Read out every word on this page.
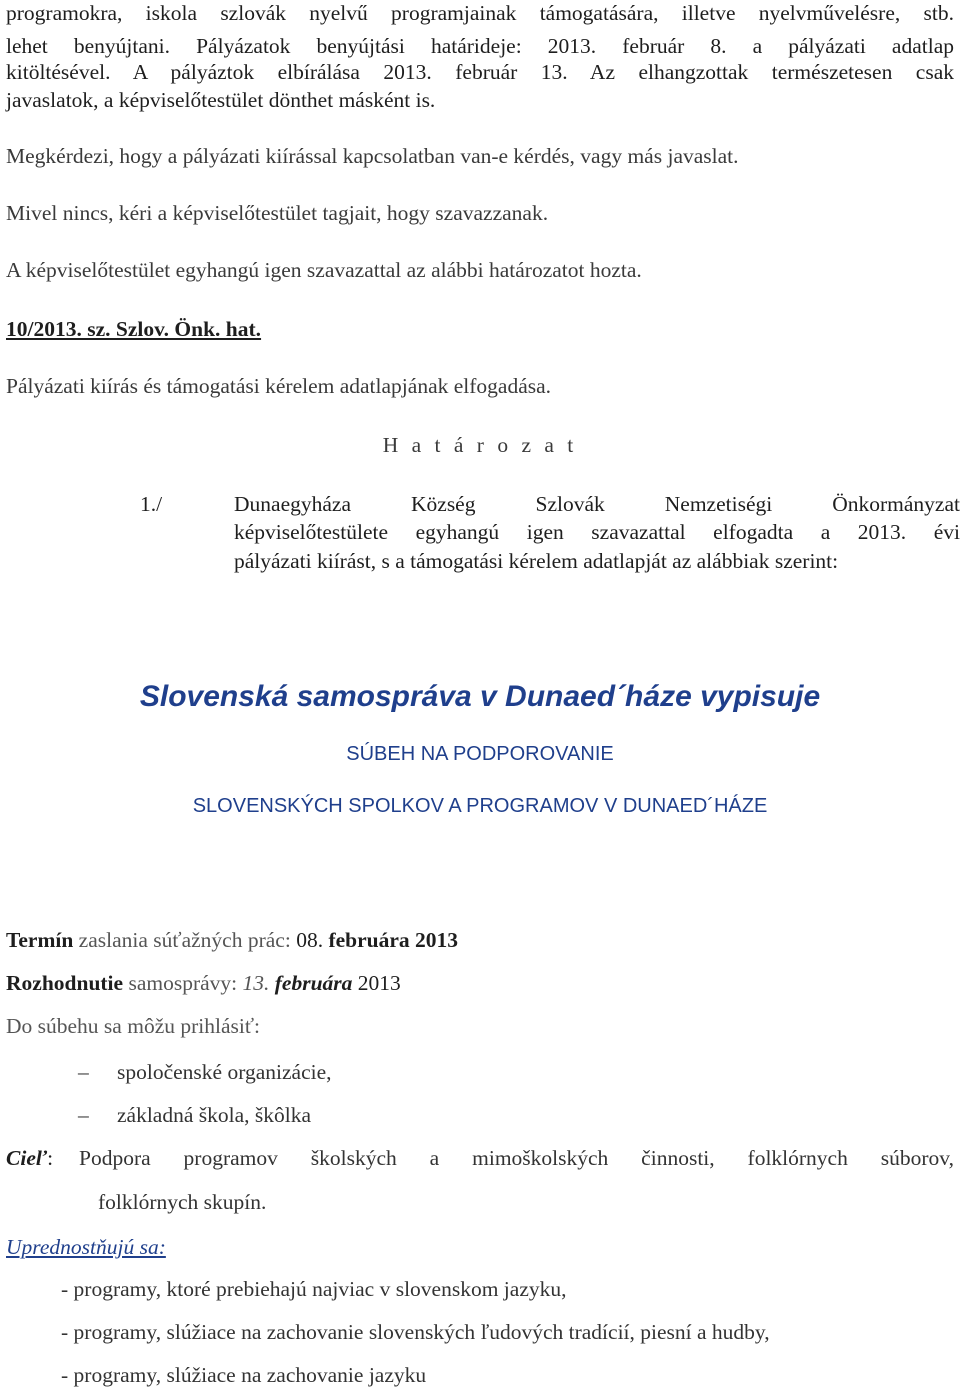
programokra, iskola szlovák nyelvű programjainak támogatására, illetve nyelvművelésre, stb.
lehet benyújtani. Pályázatok benyújtási határideje: 2013. február 8. a pályázati adatlap
kitöltésével. A pályáztok elbírálása 2013. február 13. Az elhangzottak természetesen csak
javaslatok, a képviselőtestület dönthet másként is.
Megkérdezi, hogy a pályázati kiírással kapcsolatban van-e kérdés, vagy más javaslat.
Mivel nincs, kéri a képviselőtestület tagjait, hogy szavazzanak.
A képviselőtestület egyhangú igen szavazattal az alábbi határozatot hozta.
10/2013. sz. Szlov. Önk. hat.
Pályázati kiírás és támogatási kérelem adatlapjának elfogadása.
H a t á r o z a t
1./	Dunaegyháza Község Szlovák Nemzetiségi Önkormányzat
képviselőtestülete egyhangú igen szavazattal elfogadta a 2013. évi
pályázati kiírást, s a támogatási kérelem adatlapját az alábbiak szerint:
Slovenská samospráva v Dunaed´háze vypisuje
SÚBEH NA PODPOROVANIE
SLOVENSKÝCH SPOLKOV A PROGRAMOV V DUNAED´HÁZE
Termín zaslania súťažných prác: 08. februára 2013
Rozhodnutie samosprávy: 13. februára 2013
Do súbehu sa môžu prihlásiť:
– spoločenské organizácie,
– základná škola, škôlka
Cieľ: Podpora programov školských a mimoškolských činnosti, folklórnych súborov,
folklórnych skupín.
Uprednostňujú sa:
- programy, ktoré prebiehajú najviac v slovenskom jazyku,
- programy, slúžiace na zachovanie slovenských ľudových tradícií, piesní a hudby,
- programy, slúžiace na zachovanie jazyku
